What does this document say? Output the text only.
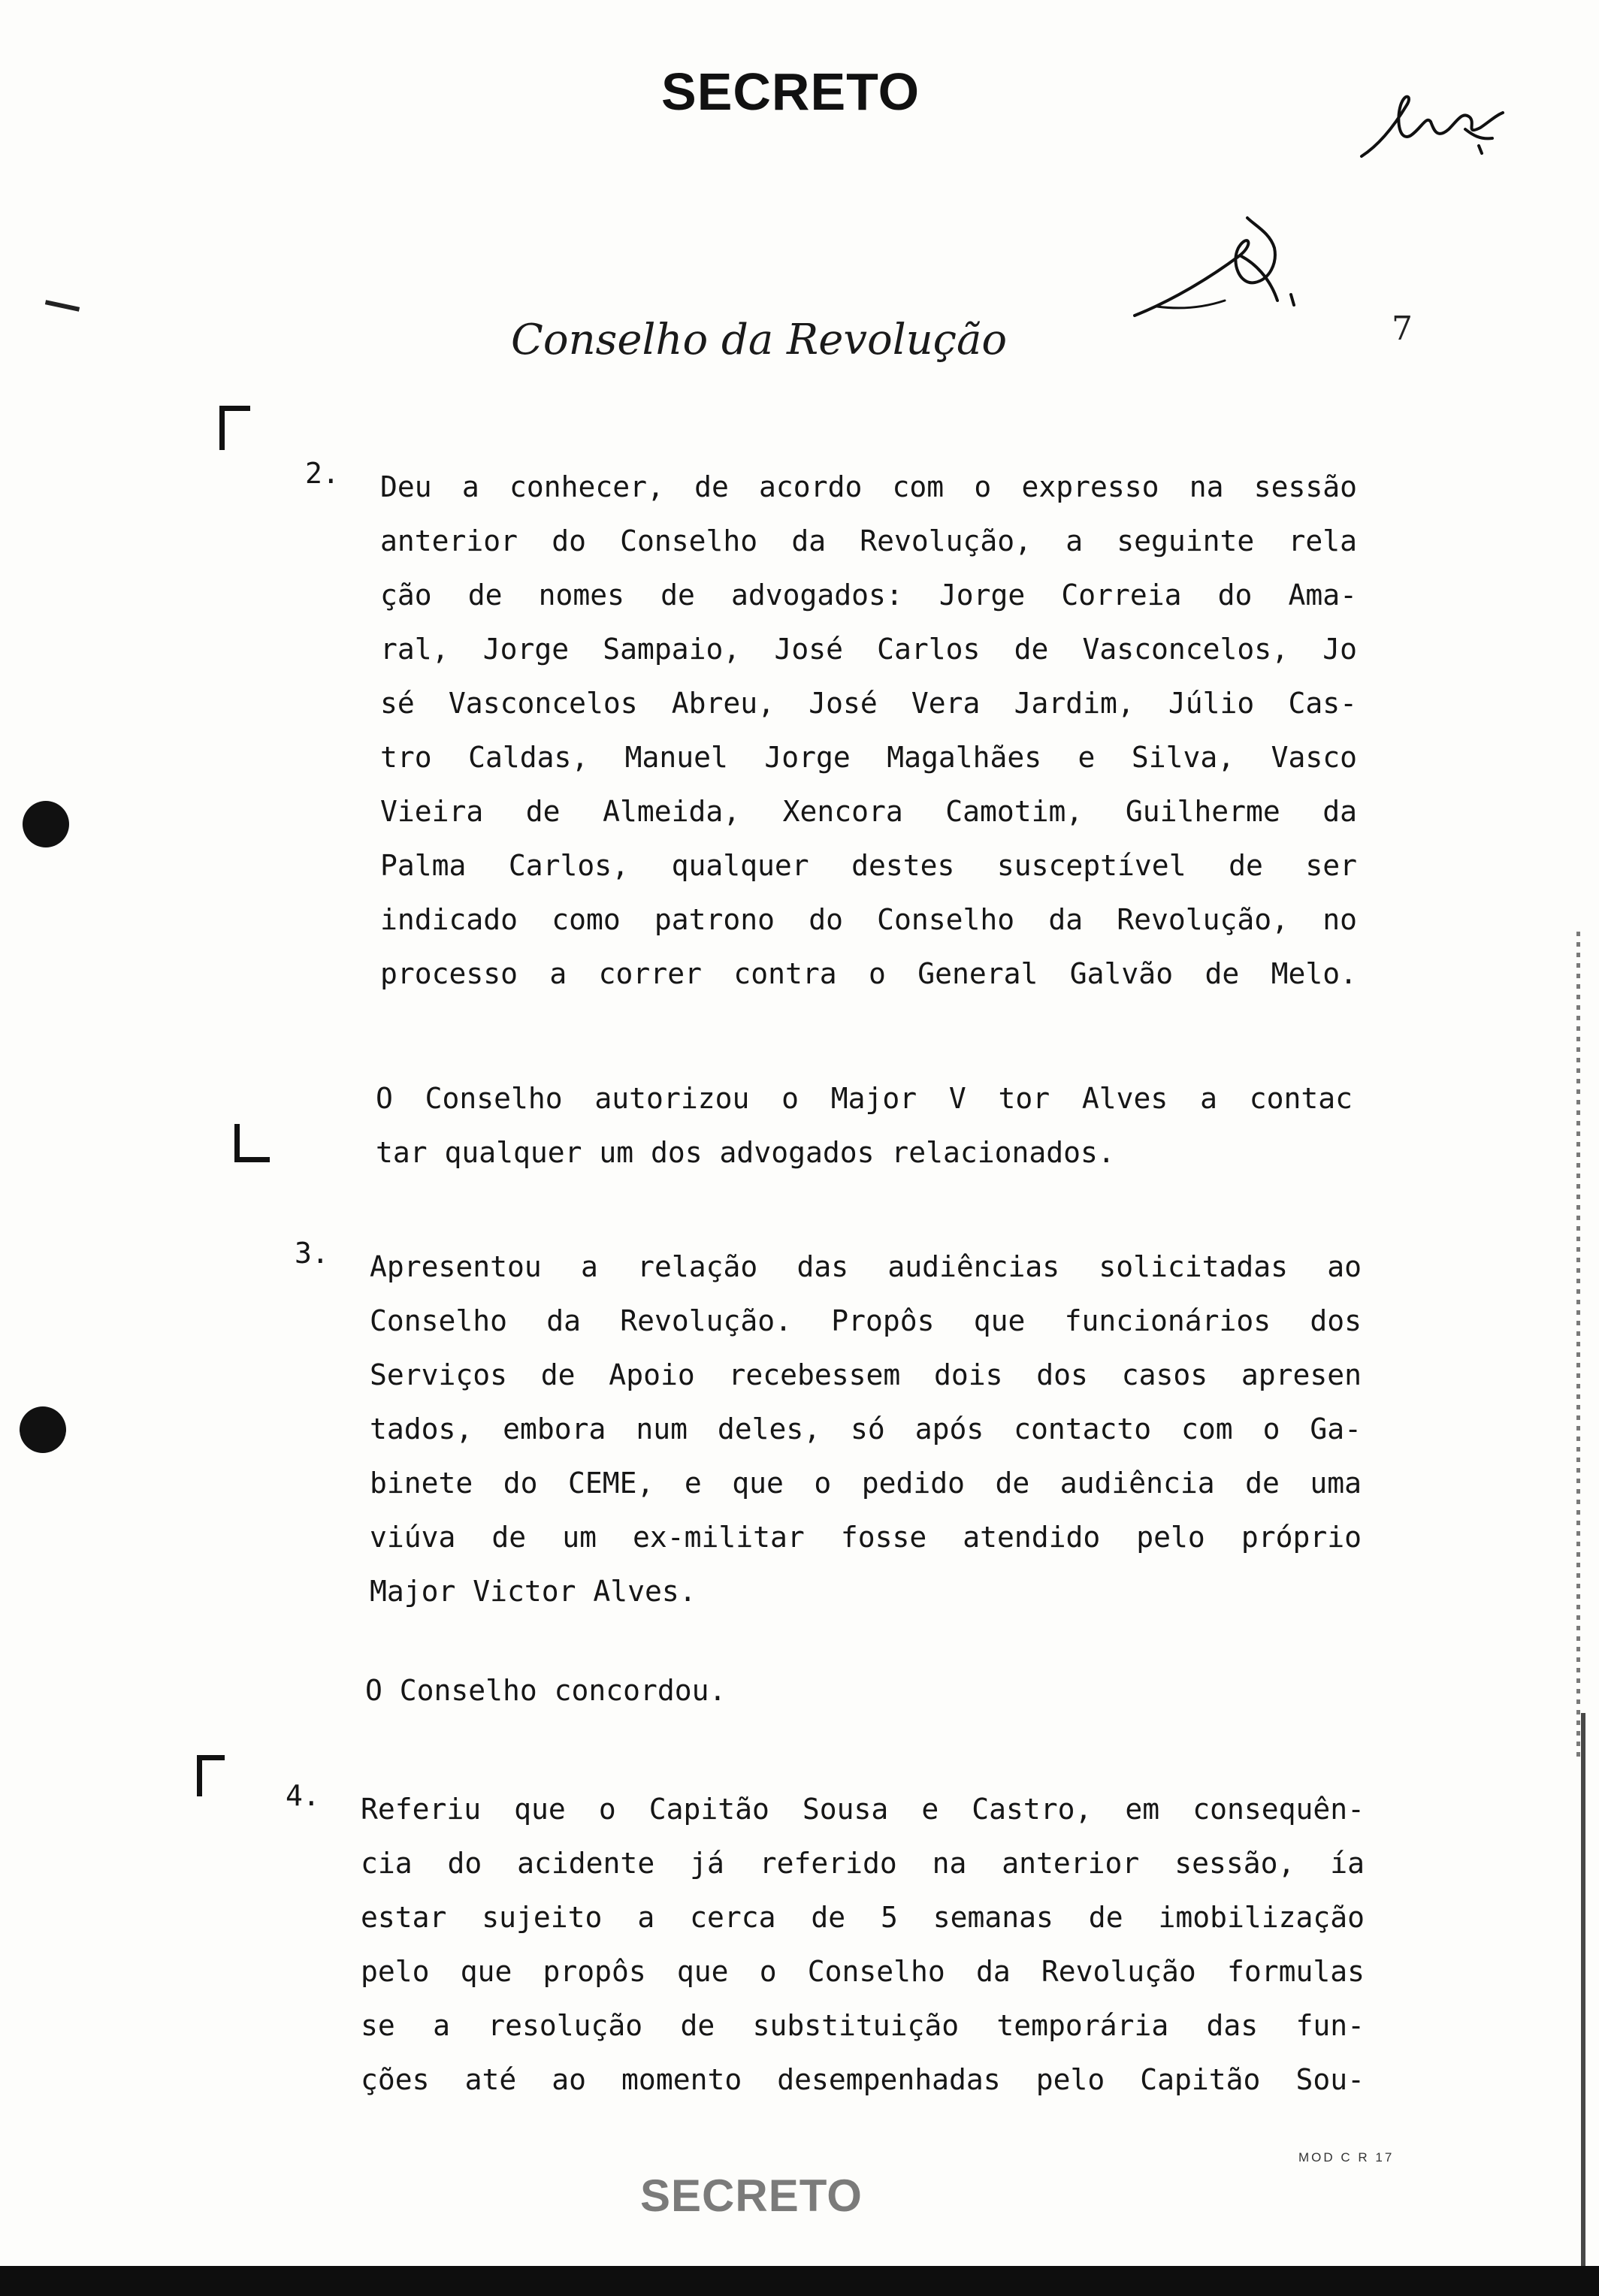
SECRETO
Conselho da Revolução	7
2. Deu a conhecer, de acordo com o expresso na sessão
anterior do Conselho da Revolução, a seguinte rela
ção de nomes de advogados: Jorge Correia do Ama-
ral, Jorge Sampaio, José Carlos de Vasconcelos, Jo
sé Vasconcelos Abreu, José Vera Jardim, Júlio Cas-
tro Caldas, Manuel Jorge Magalhães e Silva, Vasco
Vieira de Almeida, Xencora Camotim, Guilherme da
Palma Carlos, qualquer destes susceptível de ser
indicado como patrono do Conselho da Revolução, no
processo a correr contra o General Galvão de Melo.
O Conselho autorizou o Major V tor Alves a contac
tar qualquer um dos advogados relacionados.
3. Apresentou a relação das audiências solicitadas ao
Conselho da Revolução. Propôs que funcionários dos
Serviços de Apoio recebessem dois dos casos apresen
tados, embora num deles, só após contacto com o Ga-
binete do CEME, e que o pedido de audiência de uma
viúva de um ex-militar fosse atendido pelo próprio
Major Victor Alves.
O Conselho concordou.
4. Referiu que o Capitão Sousa e Castro, em consequên-
cia do acidente já referido na anterior sessão, ía
estar sujeito a cerca de 5 semanas de imobilização
pelo que propôs que o Conselho da Revolução formulas
se a resolução de substituição temporária das fun-
ções até ao momento desempenhadas pelo Capitão Sou-
MOD C R 17
SECRETO
